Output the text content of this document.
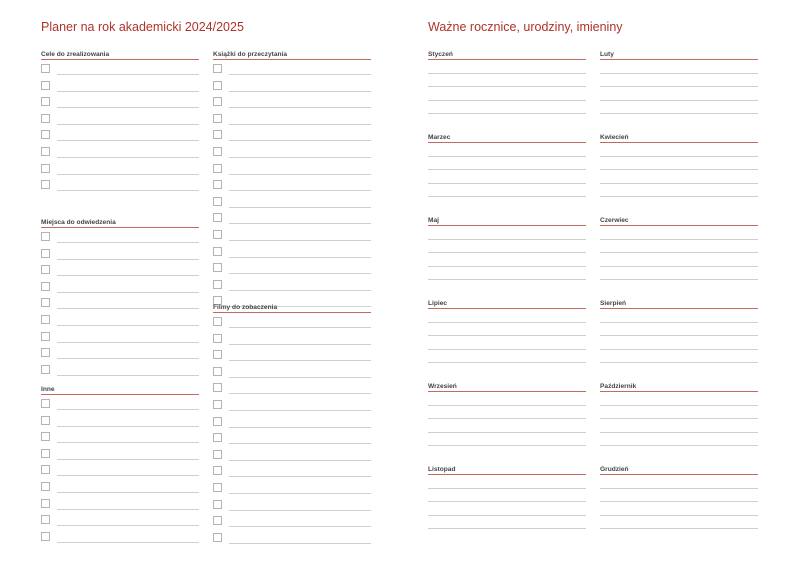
Planer na rok akademicki 2024/2025	Ważne rocznice, urodziny, imieniny
Cele do zrealizowania
Miejsca do odwiedzenia
Inne
Książki do przeczytania
Filmy do zobaczenia
Styczeń	Luty
Marzec	Kwiecień
Maj	Czerwiec
Lipiec	Sierpień
Wrzesień	Październik
Listopad	Grudzień
